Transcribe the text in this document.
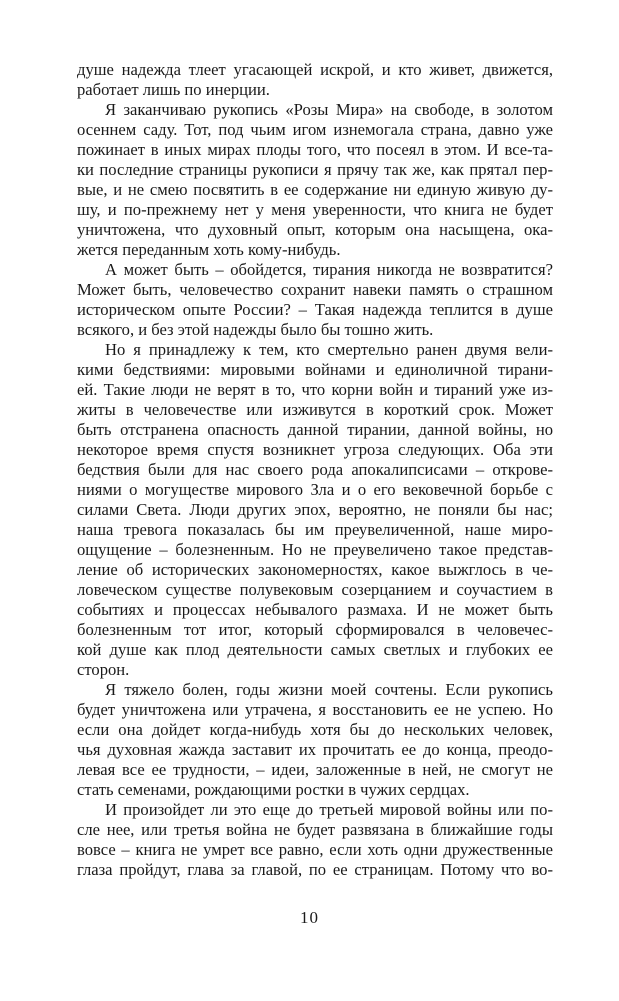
душе надежда тлеет угасающей искрой, и кто живет, движется,
работает лишь по инерции.
Я заканчиваю рукопись «Розы Мира» на свободе, в золотом
осеннем саду. Тот, под чьим игом изнемогала страна, давно уже
пожинает в иных мирах плоды того, что посеял в этом. И все-та-
ки последние страницы рукописи я прячу так же, как прятал пер-
вые, и не смею посвятить в ее содержание ни единую живую ду-
шу, и по-прежнему нет у меня уверенности, что книга не будет
уничтожена, что духовный опыт, которым она насыщена, ока-
жется переданным хоть кому-нибудь.
А может быть – обойдется, тирания никогда не возвратится?
Может быть, человечество сохранит навеки память о страшном
историческом опыте России? – Такая надежда теплится в душе
всякого, и без этой надежды было бы тошно жить.
Но я принадлежу к тем, кто смертельно ранен двумя вели-
кими бедствиями: мировыми войнами и единоличной тирани-
ей. Такие люди не верят в то, что корни войн и тираний уже из-
житы в человечестве или изживутся в короткий срок. Может
быть отстранена опасность данной тирании, данной войны, но
некоторое время спустя возникнет угроза следующих. Оба эти
бедствия были для нас своего рода апокалипсисами – открове-
ниями о могуществе мирового Зла и о его вековечной борьбе с
силами Света. Люди других эпох, вероятно, не поняли бы нас;
наша тревога показалась бы им преувеличенной, наше миро-
ощущение – болезненным. Но не преувеличено такое представ-
ление об исторических закономерностях, какое выжглось в че-
ловеческом существе полувековым созерцанием и соучастием в
событиях и процессах небывалого размаха. И не может быть
болезненным тот итог, который сформировался в человечес-
кой душе как плод деятельности самых светлых и глубоких ее
сторон.
Я тяжело болен, годы жизни моей сочтены. Если рукопись
будет уничтожена или утрачена, я восстановить ее не успею. Но
если она дойдет когда-нибудь хотя бы до нескольких человек,
чья духовная жажда заставит их прочитать ее до конца, преодо-
левая все ее трудности, – идеи, заложенные в ней, не смогут не
стать семенами, рождающими ростки в чужих сердцах.
И произойдет ли это еще до третьей мировой войны или по-
сле нее, или третья война не будет развязана в ближайшие годы
вовсе – книга не умрет все равно, если хоть одни дружественные
глаза пройдут, глава за главой, по ее страницам. Потому что во-
10
